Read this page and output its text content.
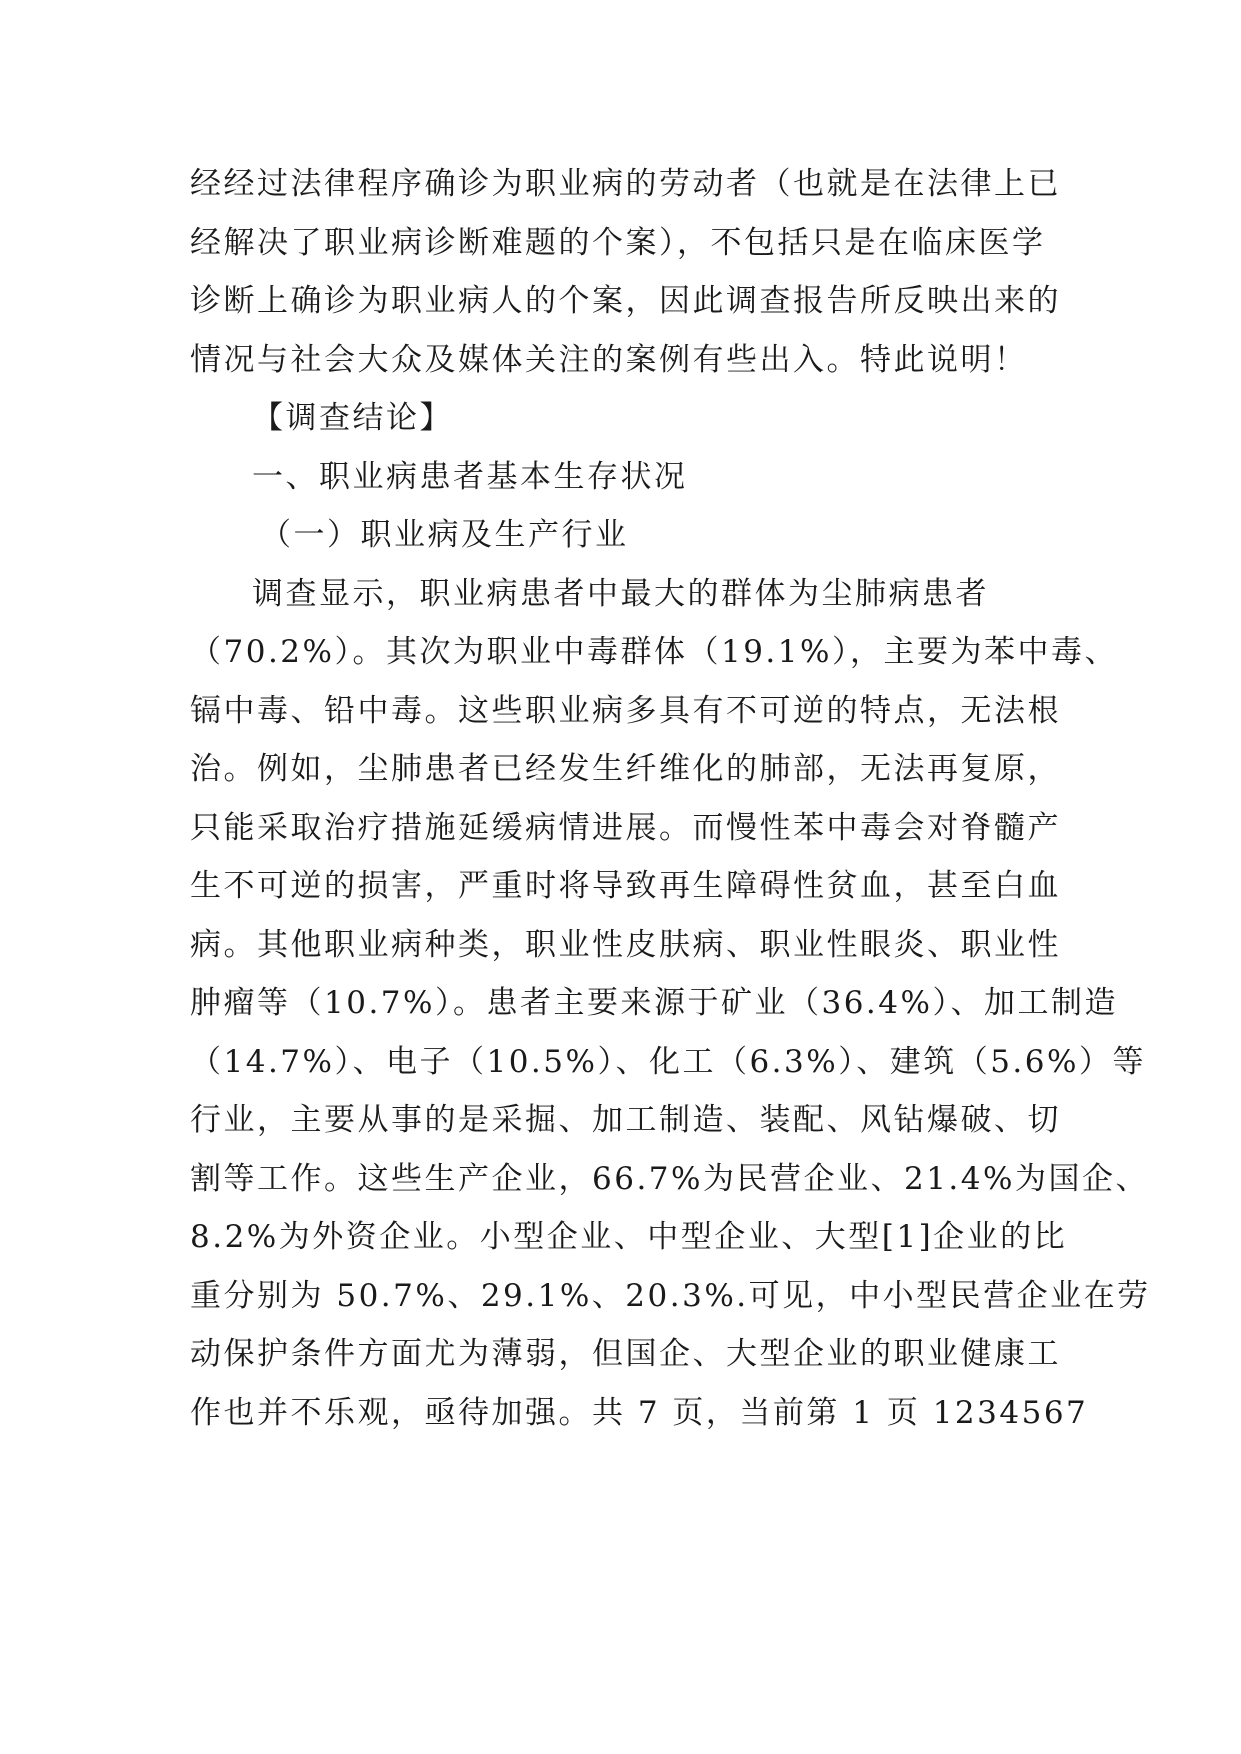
经经过法律程序确诊为职业病的劳动者（也就是在法律上已
经解决了职业病诊断难题的个案），不包括只是在临床医学
诊断上确诊为职业病人的个案，因此调查报告所反映出来的
情况与社会大众及媒体关注的案例有些出入。特此说明！
【调查结论】
一、职业病患者基本生存状况
（一）职业病及生产行业
调查显示，职业病患者中最大的群体为尘肺病患者
（70.2%）。其次为职业中毒群体（19.1%），主要为苯中毒、
镉中毒、铅中毒。这些职业病多具有不可逆的特点，无法根
治。例如，尘肺患者已经发生纤维化的肺部，无法再复原，
只能采取治疗措施延缓病情进展。而慢性苯中毒会对脊髓产
生不可逆的损害，严重时将导致再生障碍性贫血，甚至白血
病。其他职业病种类，职业性皮肤病、职业性眼炎、职业性
肿瘤等（10.7%）。患者主要来源于矿业（36.4%）、加工制造
（14.7%）、电子（10.5%）、化工（6.3%）、建筑（5.6%）等
行业，主要从事的是采掘、加工制造、装配、风钻爆破、切
割等工作。这些生产企业，66.7%为民营企业、21.4%为国企、
8.2%为外资企业。小型企业、中型企业、大型[1]企业的比
重分别为 50.7%、29.1%、20.3%.可见，中小型民营企业在劳
动保护条件方面尤为薄弱，但国企、大型企业的职业健康工
作也并不乐观，亟待加强。共 7 页，当前第 1 页 1234567
